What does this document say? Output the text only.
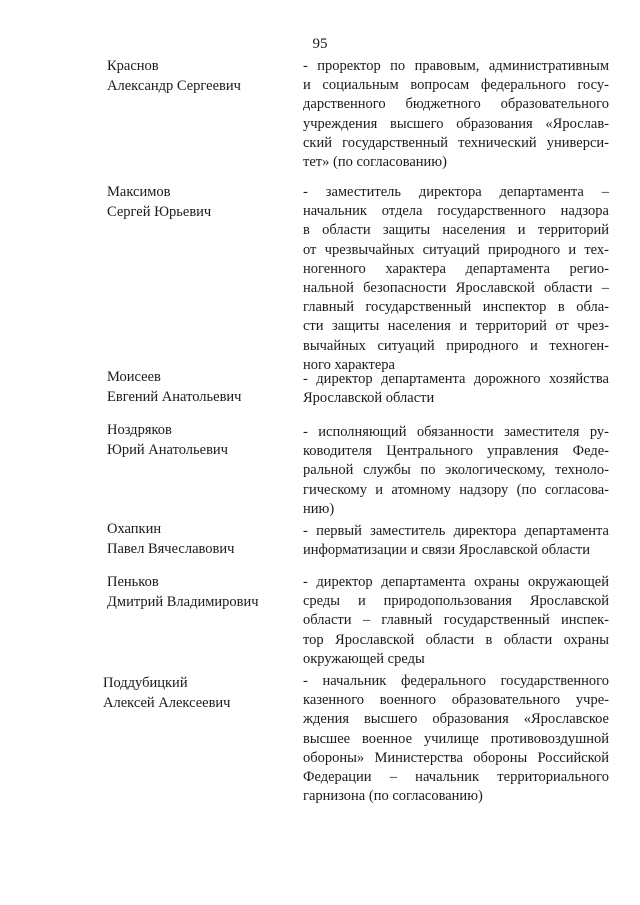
95
Краснов
Александр Сергеевич
- проректор по правовым, административным
и социальным вопросам федерального госу-
дарственного бюджетного образовательного
учреждения высшего образования «Ярослав-
ский государственный технический универси-
тет» (по согласованию)
Максимов
Сергей Юрьевич
- заместитель директора департамента –
начальник отдела государственного надзора
в области защиты населения и территорий
от чрезвычайных ситуаций природного и тех-
ногенного характера департамента регио-
нальной безопасности Ярославской области –
главный государственный инспектор в обла-
сти защиты населения и территорий от чрез-
вычайных ситуаций природного и техноген-
ного характера
Моисеев
Евгений Анатольевич
- директор департамента дорожного хозяйства
Ярославской области
Ноздряков
Юрий Анатольевич
- исполняющий обязанности заместителя ру-
ководителя Центрального управления Феде-
ральной службы по экологическому, техноло-
гическому и атомному надзору (по согласова-
нию)
Охапкин
Павел Вячеславович
- первый заместитель директора департамента
информатизации и связи Ярославской области
Пеньков
Дмитрий Владимирович
- директор департамента охраны окружающей
среды и природопользования Ярославской
области – главный государственный инспек-
тор Ярославской области в области охраны
окружающей среды
Поддубицкий
Алексей Алексеевич
- начальник федерального государственного
казенного военного образовательного учре-
ждения высшего образования «Ярославское
высшее военное училище противовоздушной
обороны» Министерства обороны Российской
Федерации – начальник территориального
гарнизона (по согласованию)
